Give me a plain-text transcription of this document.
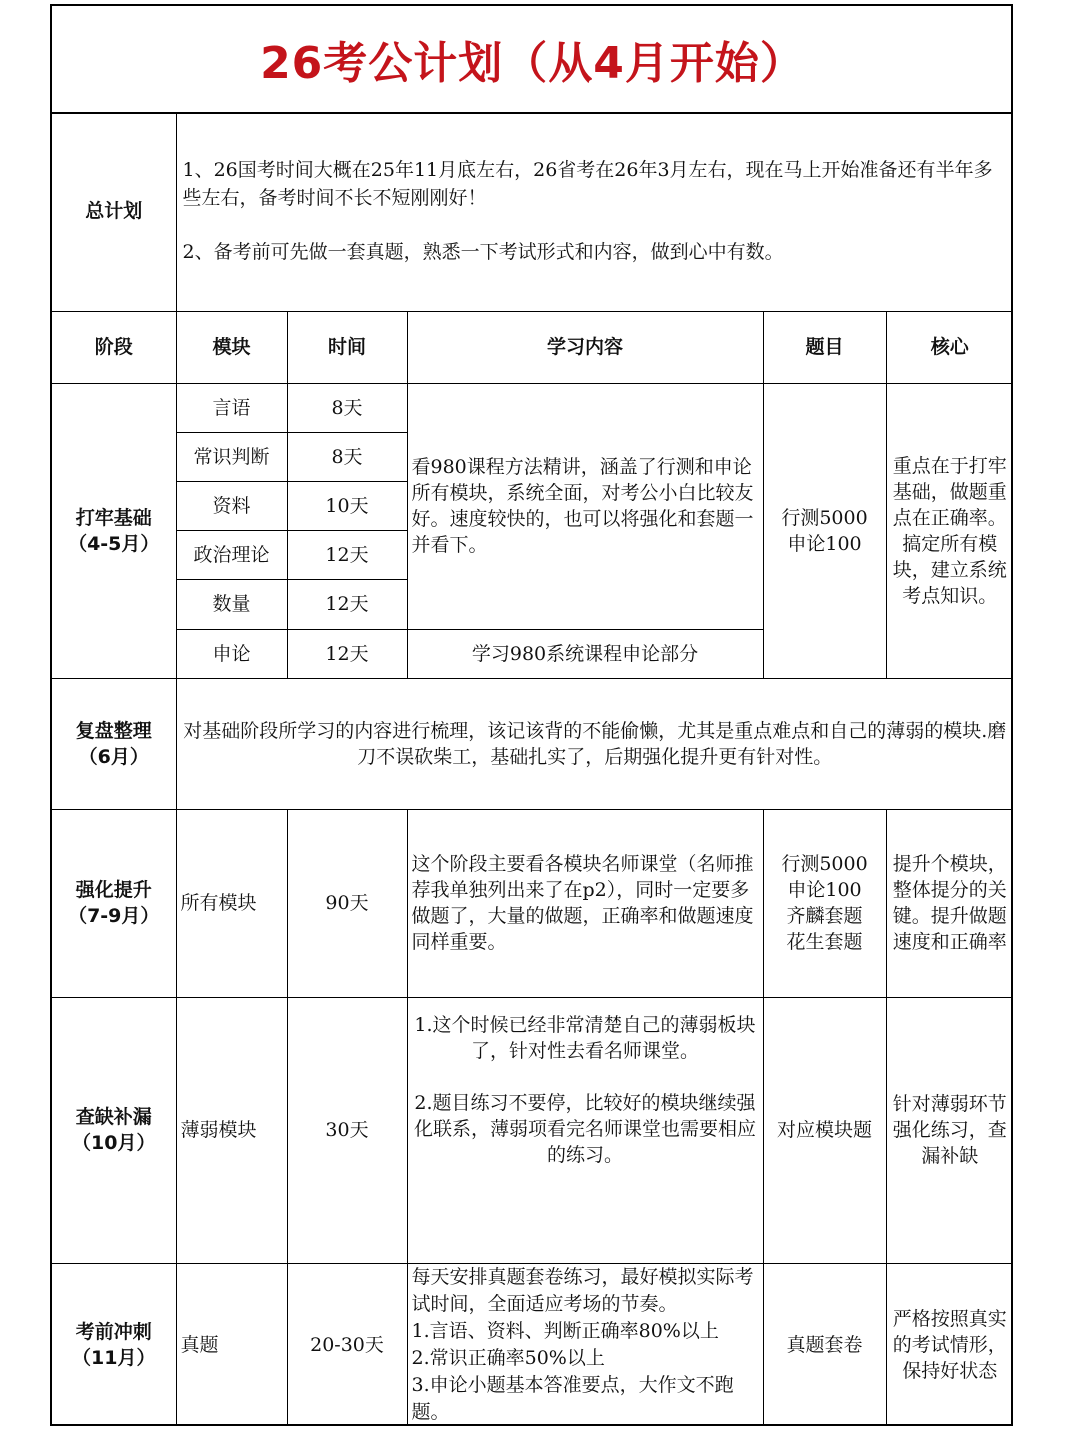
26考公计划（从4月开始）
总计划	1、26国考时间大概在25年11月底左右，26省考在26年3月左右，现在马上开始准备还有半年多些左右，备考时间不长不短刚刚好！

2、备考前可先做一套真题，熟悉一下考试形式和内容，做到心中有数。				

阶段	模块	时间	学习内容	题目	核心

打牢基础
（4-5月）	言语	8天	看980课程方法精讲，涵盖了行测和申论所有模块，系统全面，对考公小白比较友好。速度较快的，也可以将强化和套题一并看下。	行测5000
申论100	重点在于打牢基础，做题重点在正确率。搞定所有模块，建立系统考点知识。
	常识判断	8天			
	资料	10天			
	政治理论	12天			
	数量	12天			
	申论	12天	学习980系统课程申论部分		

复盘整理
（6月）	对基础阶段所学习的内容进行梳理，该记该背的不能偷懒，尤其是重点难点和自己的薄弱的模块.磨刀不误砍柴工，基础扎实了，后期强化提升更有针对性。				

强化提升
（7-9月）	所有模块	90天	这个阶段主要看各模块名师课堂（名师推荐我单独列出来了在p2），同时一定要多做题了，大量的做题，正确率和做题速度同样重要。	行测5000
申论100
齐麟套题
花生套题	提升个模块，整体提分的关键。提升做题速度和正确率

查缺补漏
（10月）	薄弱模块	30天	1.这个时候已经非常清楚自己的薄弱板块了，针对性去看名师课堂。
2.题目练习不要停，比较好的模块继续强化联系，薄弱项看完名师课堂也需要相应的练习。	对应模块题	针对薄弱环节强化练习，查漏补缺

考前冲刺
（11月）	真题	20-30天	每天安排真题套卷练习，最好模拟实际考试时间，全面适应考场的节奏。
1.言语、资料、判断正确率80%以上
2.常识正确率50%以上
3.申论小题基本答准要点，大作文不跑题。	真题套卷	严格按照真实的考试情形，保持好状态
